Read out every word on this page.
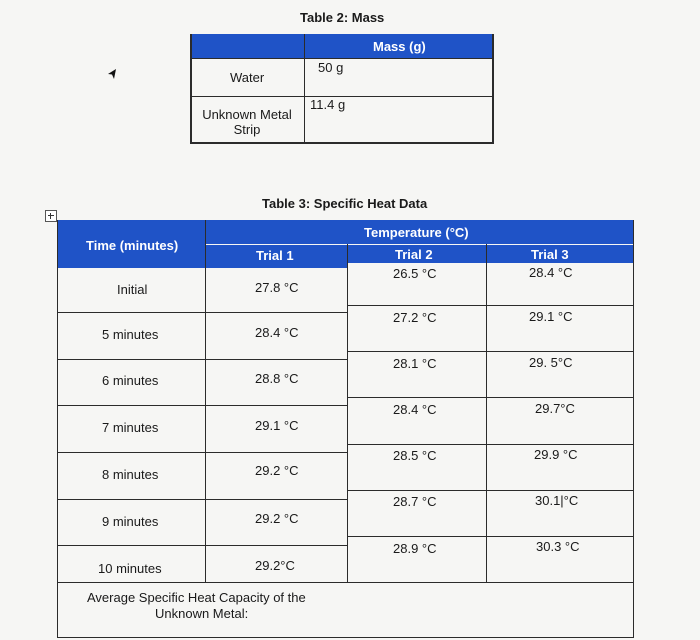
Table 2: Mass
Mass (g)
Water
50 g
Unknown Metal
Strip
11.4 g
Table 3: Specific Heat Data
Time (minutes)
Temperature (°C)
Trial 1	Trial 2	Trial 3
Initial
5 minutes
6 minutes
7 minutes
8 minutes
9 minutes
10 minutes
27.8 °C
28.4 °C
28.8 °C
29.1 °C
29.2 °C
29.2 °C
29.2°C
26.5 °C
27.2 °C
28.1 °C
28.4 °C
28.5 °C
28.7 °C
28.9 °C
28.4 °C
29.1 °C
29. 5°C
29.7°C
29.9 °C
30.1|°C
30.3 °C
Average Specific Heat Capacity of the
Unknown Metal:
